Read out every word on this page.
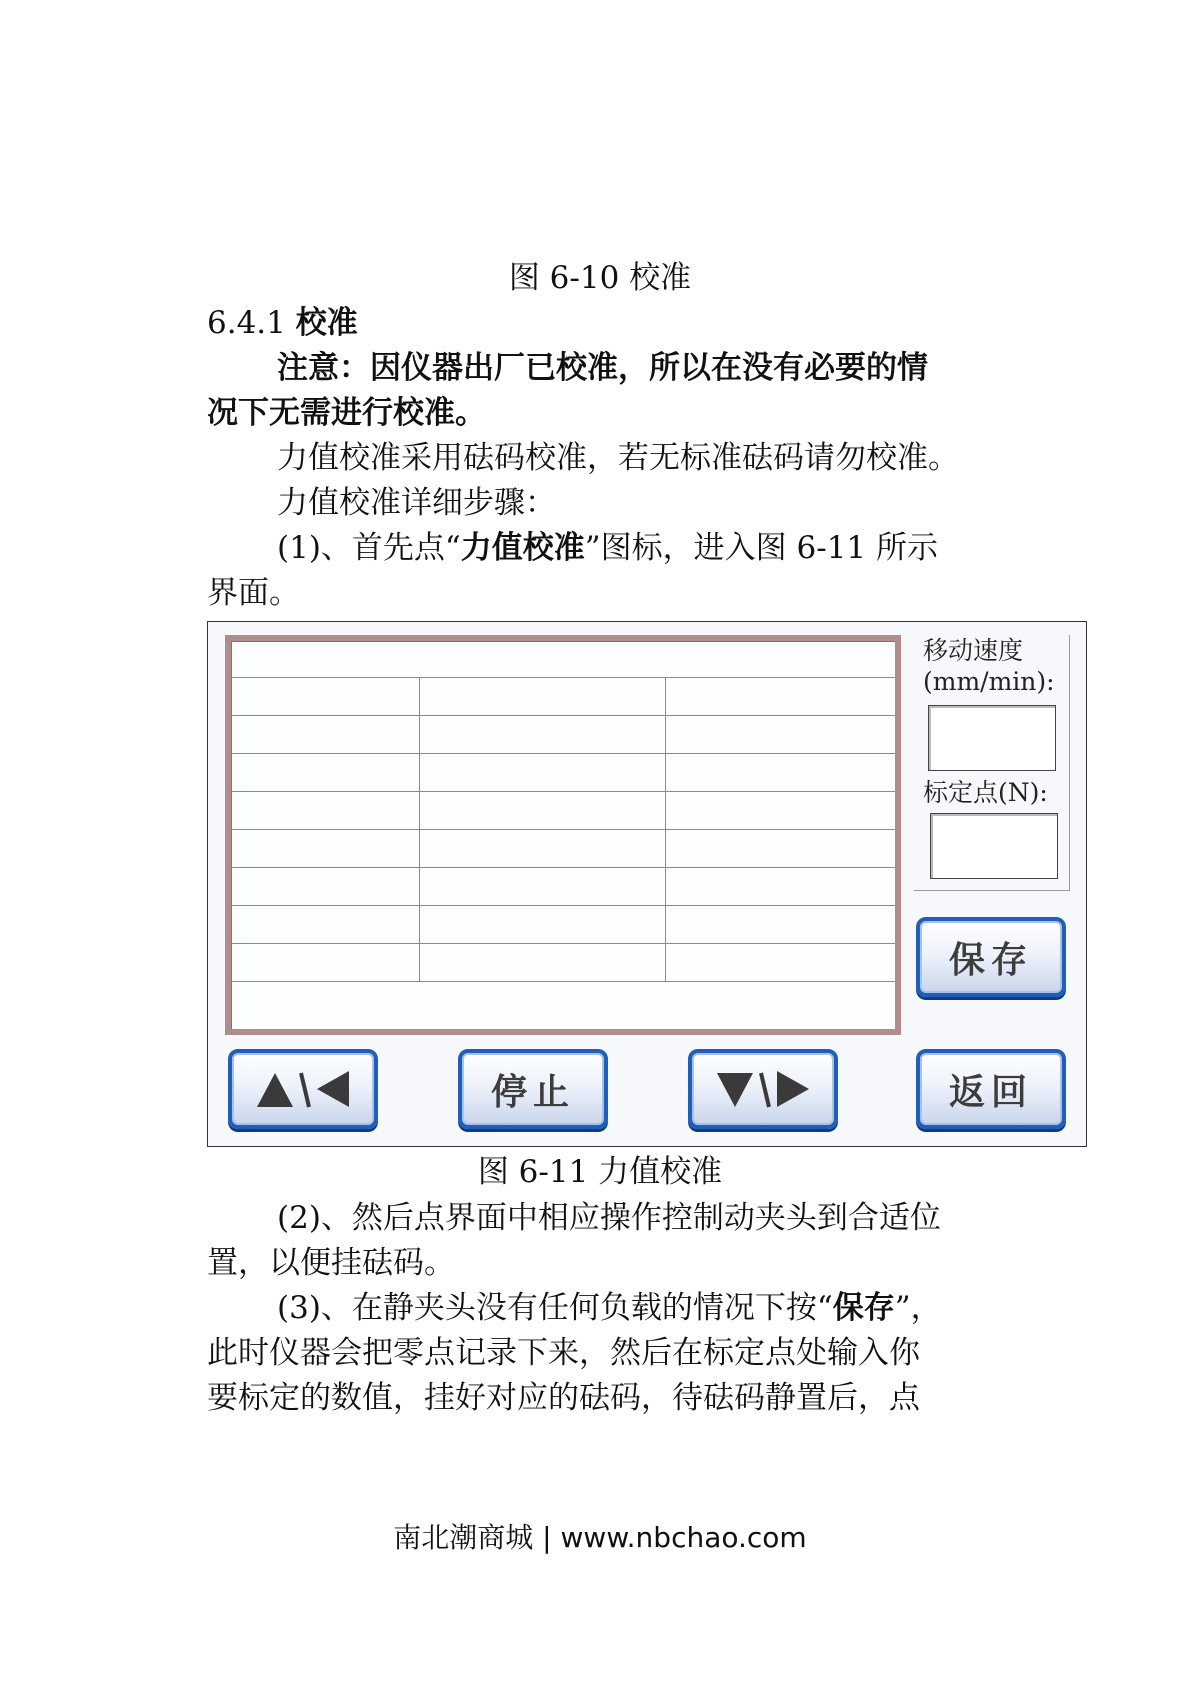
图 6-10 校准
6.4.1 校准
注意：因仪器出厂已校准，所以在没有必要的情
况下无需进行校准。
力值校准采用砝码校准，若无标准砝码请勿校准。
力值校准详细步骤：
(1)、首先点“力值校准”图标，进入图 6-11 所示
界面。
移动速度
(mm/min):
标定点(N):
保存
停止	返回
图 6-11 力值校准
(2)、然后点界面中相应操作控制动夹头到合适位
置，以便挂砝码。
(3)、在静夹头没有任何负载的情况下按“保存”，
此时仪器会把零点记录下来，然后在标定点处输入你
要标定的数值，挂好对应的砝码，待砝码静置后，点
南北潮商城 | www.nbchao.com
